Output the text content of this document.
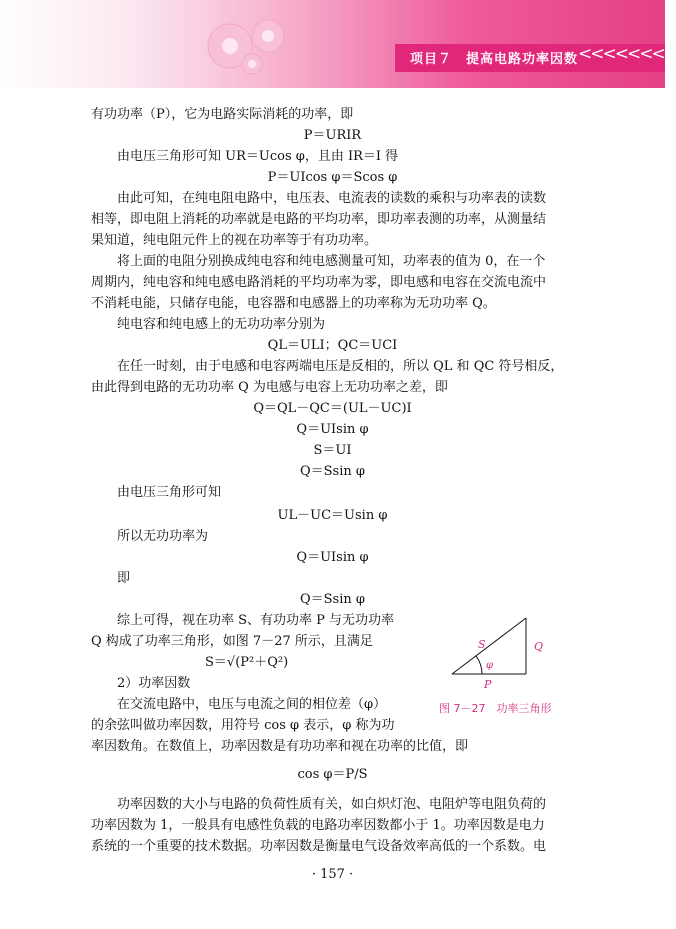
项目７　提高电路功率因数 <<<<<<<<
有功功率（P），它为电路实际消耗的功率，即
P＝URIR
由电压三角形可知 UR＝Ucos φ，且由 IR＝I 得
P＝UIcos φ＝Scos φ
由此可知，在纯电阻电路中，电压表、电流表的读数的乘积与功率表的读数
相等，即电阻上消耗的功率就是电路的平均功率，即功率表测的功率，从测量结
果知道，纯电阻元件上的视在功率等于有功功率。
将上面的电阻分别换成纯电容和纯电感测量可知，功率表的值为 0，在一个
周期内，纯电容和纯电感电路消耗的平均功率为零，即电感和电容在交流电流中
不消耗电能，只储存电能，电容器和电感器上的功率称为无功功率 Q。
纯电容和纯电感上的无功功率分别为
QL＝ULI；QC＝UCI
在任一时刻，由于电感和电容两端电压是反相的，所以 QL 和 QC 符号相反，
由此得到电路的无功功率 Q 为电感与电容上无功功率之差，即
Q＝QL－QC＝(UL－UC)I
Q＝UIsin φ
S＝UI
Q＝Ssin φ
由电压三角形可知
UL－UC＝Usin φ
所以无功功率为
Q＝UIsin φ
即
Q＝Ssin φ
综上可得，视在功率 S、有功功率 P 与无功功率
Q 构成了功率三角形，如图 7－27 所示，且满足
S＝√(P²＋Q²)
2）功率因数
在交流电路中，电压与电流之间的相位差（φ）
的余弦叫做功率因数，用符号 cos φ 表示，φ 称为功
率因数角。在数值上，功率因数是有功功率和视在功率的比值，即
cos φ＝P/S
功率因数的大小与电路的负荷性质有关，如白炽灯泡、电阻炉等电阻负荷的
功率因数为 1，一般具有电感性负载的电路功率因数都小于 1。功率因数是电力
系统的一个重要的技术数据。功率因数是衡量电气设备效率高低的一个系数。电
S	Q
P
φ
图 7－27　功率三角形
· 157 ·
